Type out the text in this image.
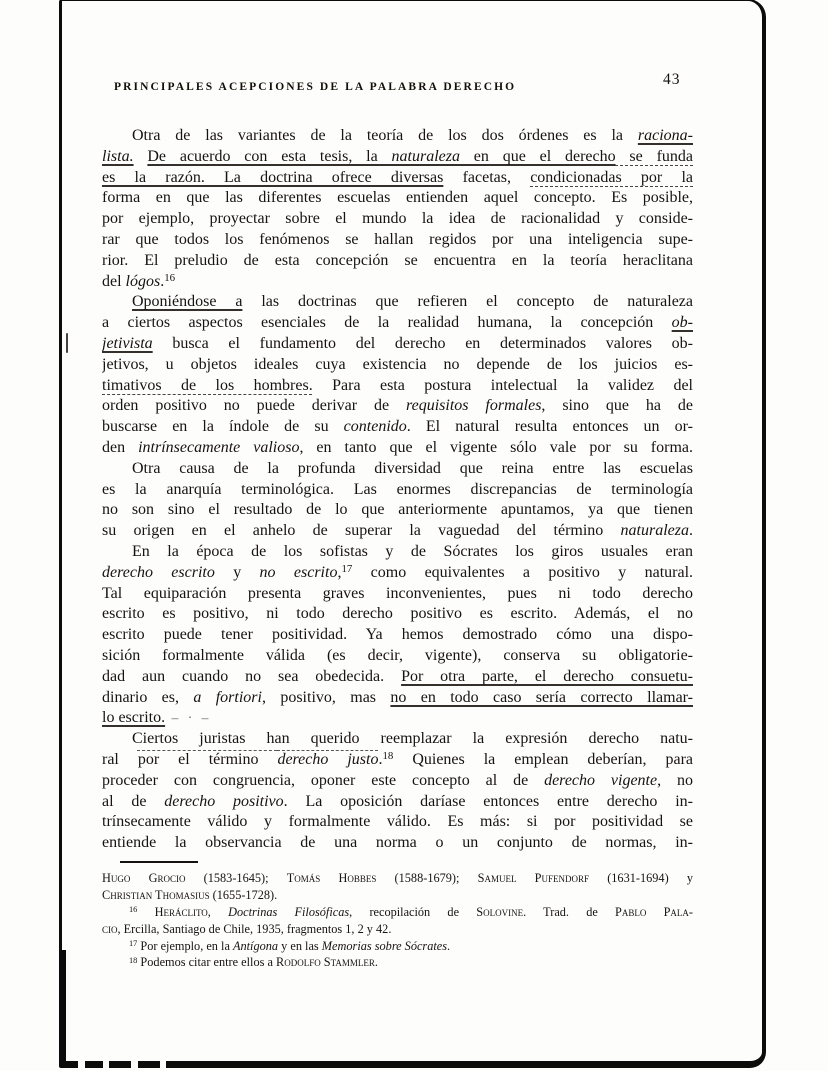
PRINCIPALES ACEPCIONES DE LA PALABRA DERECHO	43
Otra de las variantes de la teoría de los dos órdenes es la raciona-
lista. De acuerdo con esta tesis, la naturaleza en que el derecho se funda
es la razón. La doctrina ofrece diversas facetas, condicionadas por la
forma en que las diferentes escuelas entienden aquel concepto. Es posible,
por ejemplo, proyectar sobre el mundo la idea de racionalidad y conside-
rar que todos los fenómenos se hallan regidos por una inteligencia supe-
rior. El preludio de esta concepción se encuentra en la teoría heraclitana
del lógos.$^{16}$
Oponiéndose a las doctrinas que refieren el concepto de naturaleza
a ciertos aspectos esenciales de la realidad humana, la concepción ob-
jetivista busca el fundamento del derecho en determinados valores ob-
jetivos, u objetos ideales cuya existencia no depende de los juicios es-
timativos de los hombres. Para esta postura intelectual la validez del
orden positivo no puede derivar de requisitos formales, sino que ha de
buscarse en la índole de su contenido. El natural resulta entonces un or-
den intrínsecamente valioso, en tanto que el vigente sólo vale por su forma.
Otra causa de la profunda diversidad que reina entre las escuelas
es la anarquía terminológica. Las enormes discrepancias de terminología
no son sino el resultado de lo que anteriormente apuntamos, ya que tienen
su origen en el anhelo de superar la vaguedad del término naturaleza.
En la época de los sofistas y de Sócrates los giros usuales eran
derecho escrito y no escrito,$^{17}$ como equivalentes a positivo y natural.
Tal equiparación presenta graves inconvenientes, pues ni todo derecho
escrito es positivo, ni todo derecho positivo es escrito. Además, el no
escrito puede tener positividad. Ya hemos demostrado cómo una dispo-
sición formalmente válida (es decir, vigente), conserva su obligatorie-
dad aun cuando no sea obedecida. Por otra parte, el derecho consuetu-
dinario es, a fortiori, positivo, mas no en todo caso sería correcto llamar-
lo escrito. – · –
Ciertos juristas han querido reemplazar la expresión derecho natu-
ral por el término derecho justo.$^{18}$ Quienes la emplean deberían, para
proceder con congruencia, oponer este concepto al de derecho vigente, no
al de derecho positivo. La oposición daríase entonces entre derecho in-
trínsecamente válido y formalmente válido. Es más: si por positividad se
entiende la observancia de una norma o un conjunto de normas, in-
Hugo Grocio (1583-1645); Tomás Hobbes (1588-1679); Samuel Pufendorf (1631-1694) y
Christian Thomasius (1655-1728).
$^{16}$ Heráclito, Doctrinas Filosóficas, recopilación de Solovine. Trad. de Pablo Pala-
cio, Ercilla, Santiago de Chile, 1935, fragmentos 1, 2 y 42.
$^{17}$ Por ejemplo, en la Antígona y en las Memorias sobre Sócrates.
$^{18}$ Podemos citar entre ellos a Rodolfo Stammler.
